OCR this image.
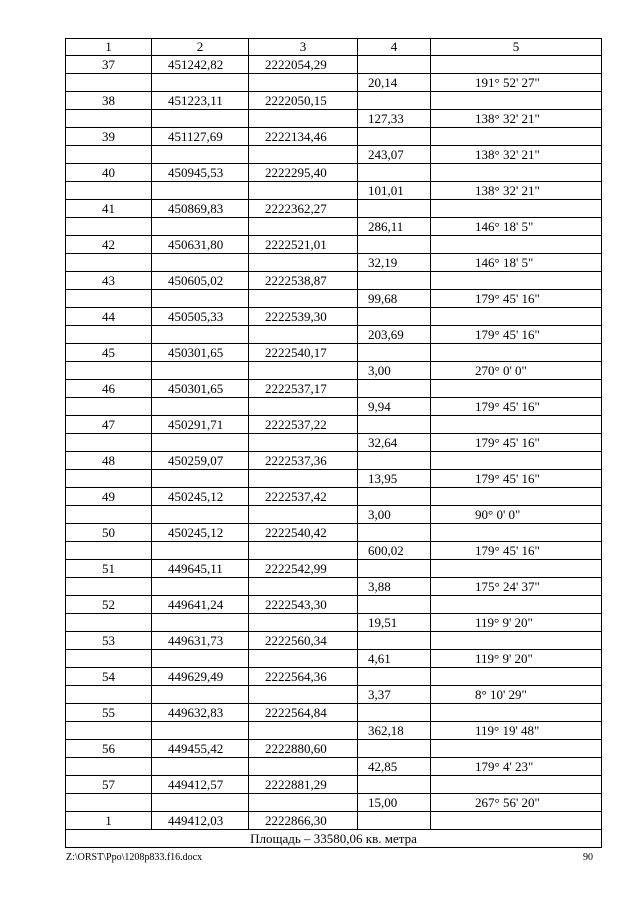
1	2	3	4	5
37	451242,82	2222054,29		
			20,14	191° 52' 27"
38	451223,11	2222050,15		
			127,33	138° 32' 21"
39	451127,69	2222134,46		
			243,07	138° 32' 21"
40	450945,53	2222295,40		
			101,01	138° 32' 21"
41	450869,83	2222362,27		
			286,11	146° 18' 5"
42	450631,80	2222521,01		
			32,19	146° 18' 5"
43	450605,02	2222538,87		
			99,68	179° 45' 16"
44	450505,33	2222539,30		
			203,69	179° 45' 16"
45	450301,65	2222540,17		
			3,00	270° 0' 0"
46	450301,65	2222537,17		
			9,94	179° 45' 16"
47	450291,71	2222537,22		
			32,64	179° 45' 16"
48	450259,07	2222537,36		
			13,95	179° 45' 16"
49	450245,12	2222537,42		
			3,00	90° 0' 0"
50	450245,12	2222540,42		
			600,02	179° 45' 16"
51	449645,11	2222542,99		
			3,88	175° 24' 37"
52	449641,24	2222543,30		
			19,51	119° 9' 20"
53	449631,73	2222560,34		
			4,61	119° 9' 20"
54	449629,49	2222564,36		
			3,37	8° 10' 29"
55	449632,83	2222564,84		
			362,18	119° 19' 48"
56	449455,42	2222880,60		
			42,85	179° 4' 23"
57	449412,57	2222881,29		
			15,00	267° 56' 20"
1	449412,03	2222866,30		
Площадь – 33580,06 кв. метра				
Z:\ORST\Ppo\1208p833.f16.docx	90
